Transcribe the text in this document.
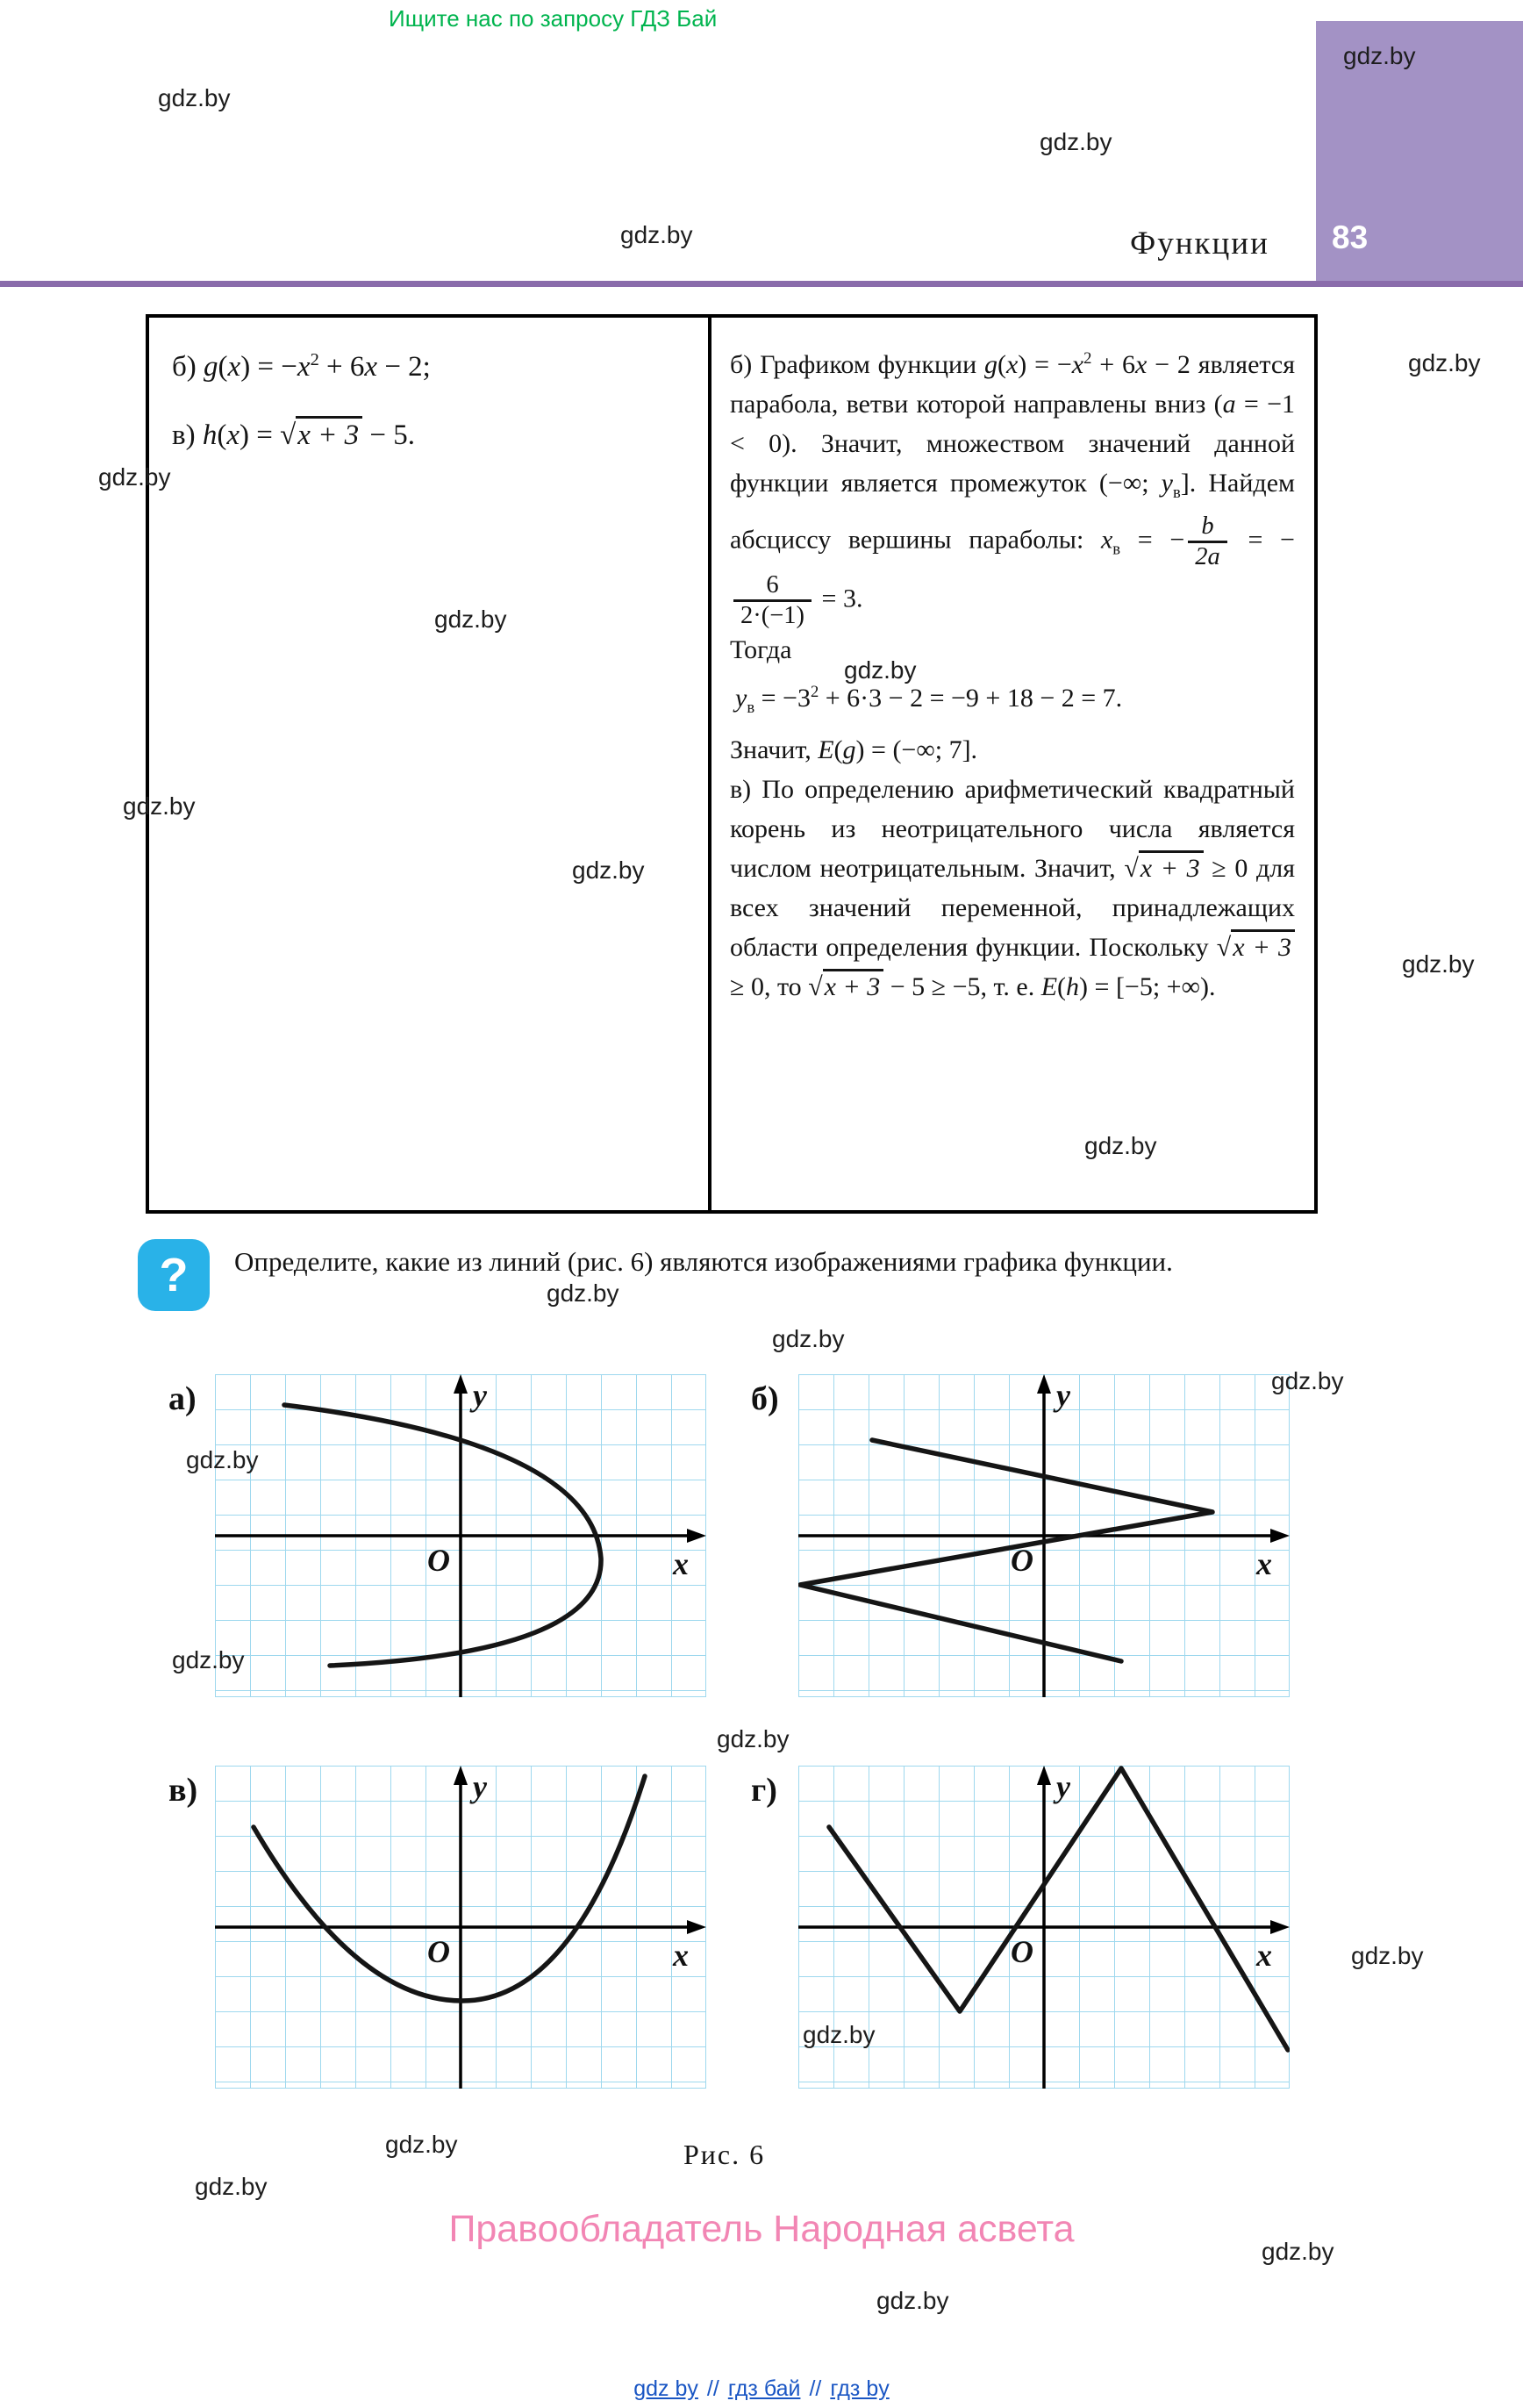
Ищите нас по запросу ГДЗ Бай
Функции 83
б) $g(x) = -x^2 + 6x - 2$;
в) h(x) = √x + 3 − 5.

б) Графиком функции $g(x) = -x^2 + 6x - 2$ является парабола, ветви которой направлены вниз (a = −1 < 0). Значит, множеством значений данной функции является промежуток (−∞; $y_в$]. Найдем абсциссу вершины параболы: $x_в$ = − $\frac{b}{2a}$ = −
$\frac{6}{2\cdot(-1)} = 3$.

Тогда

$y_в = -3^2 + 6\cdot 3 - 2 = -9 + 18 - 2 = 7$.

Значит, E(g) = (−∞; 7].

в) По определению арифметический квадратный корень из неотрицательного числа является числом неотрицательным. Значит, √x + 3 ≥ 0 для всех значений переменной, принадлежащих области определения функции. Поскольку √x + 3 ≥ 0, то √x + 3 − 5 ≥ −5, т. е. E(h) = [−5; +∞).

?	Определите, какие из линий (рис. 6) являются изображениями графика функции.
а)	б)
в)	г)
y
x
O
y
x
O
y
x
O
y
x
O
Рис. 6
Правообладатель Народная асвета
gdz by // гдз бай // гдз by
gdz.by
gdz.by
gdz.by
gdz.by
gdz.by
gdz.by
gdz.by
gdz.by
gdz.by
gdz.by
gdz.by
gdz.by
gdz.by
gdz.by
gdz.by
gdz.by
gdz.by
gdz.by
gdz.by
gdz.by
gdz.by
gdz.by
gdz.by
gdz.by
